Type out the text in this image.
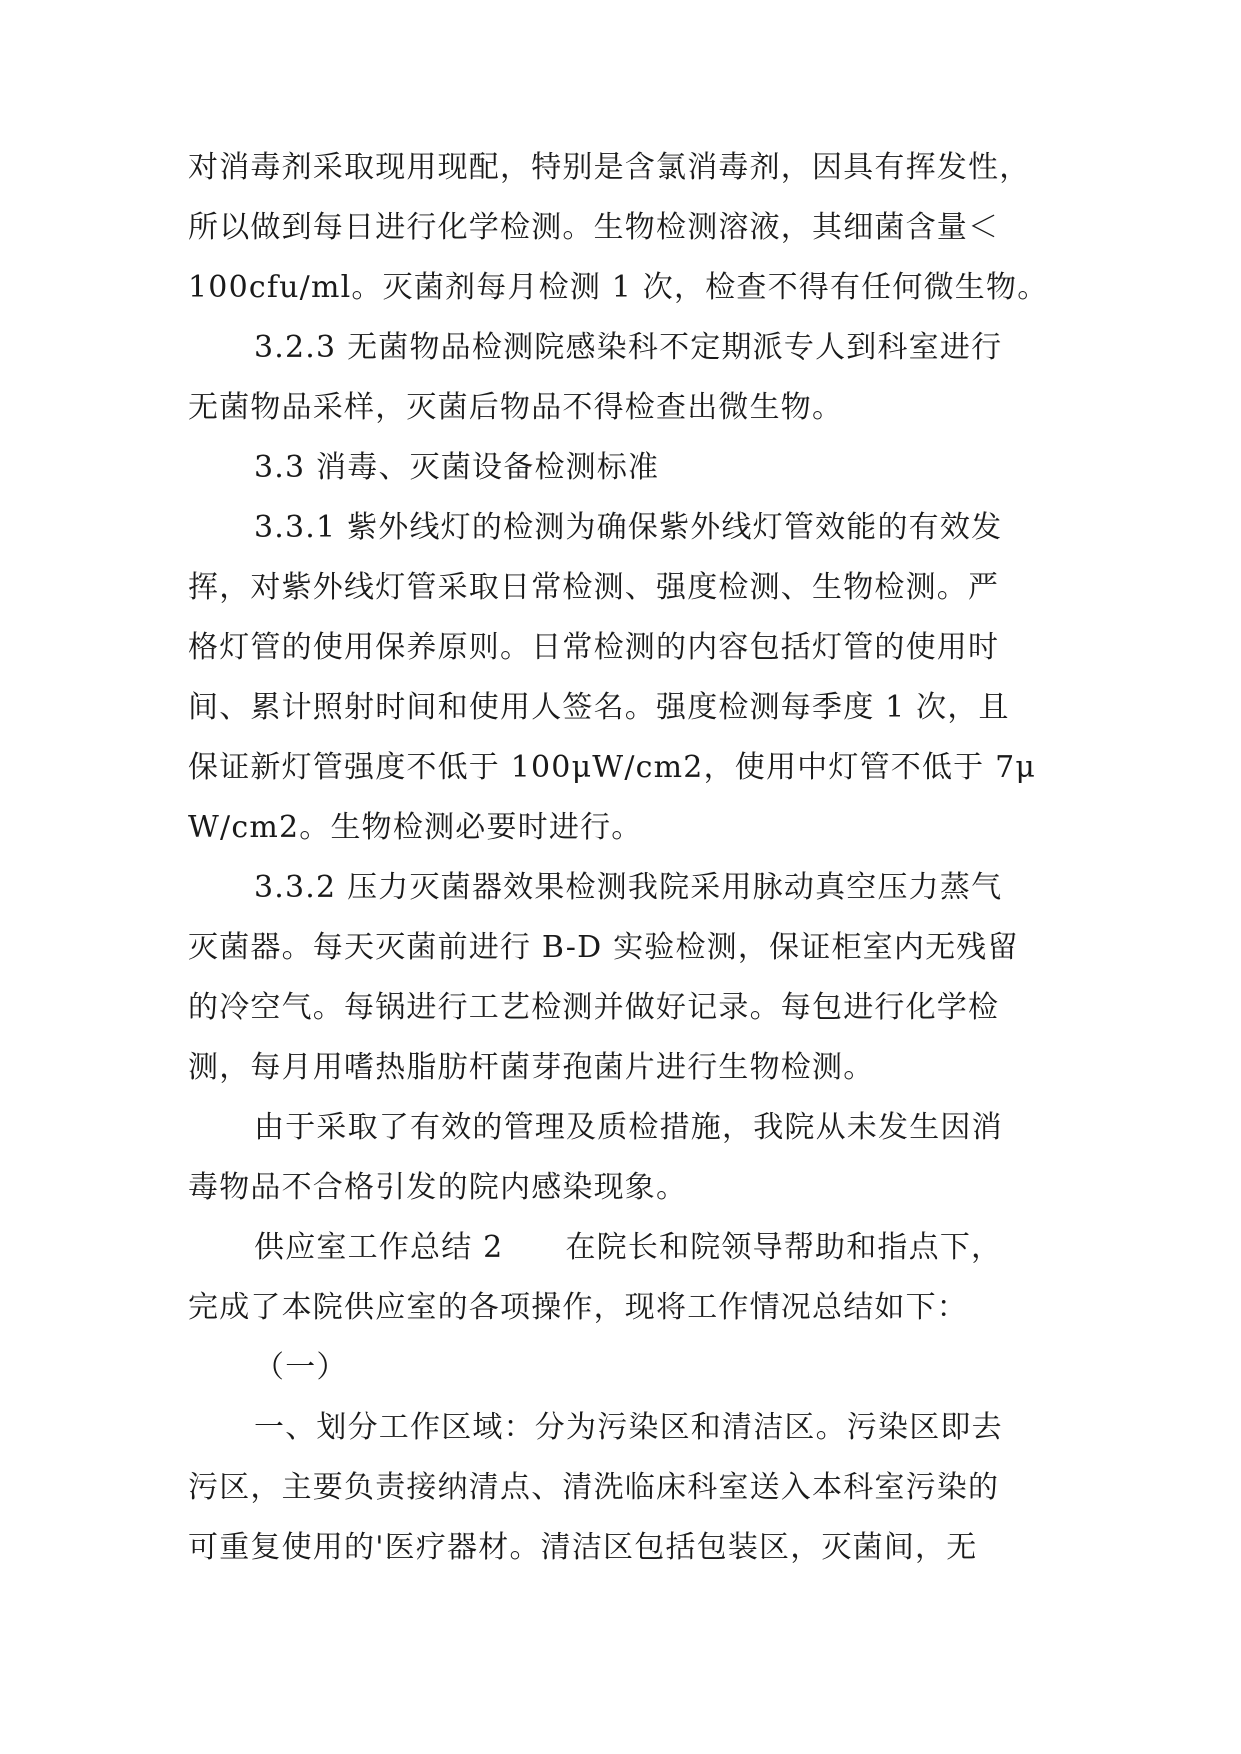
对消毒剂采取现用现配，特别是含氯消毒剂，因具有挥发性，
所以做到每日进行化学检测。生物检测溶液，其细菌含量＜
100cfu/ml。灭菌剂每月检测 1 次，检查不得有任何微生物。
3.2.3 无菌物品检测院感染科不定期派专人到科室进行
无菌物品采样，灭菌后物品不得检查出微生物。
3.3 消毒、灭菌设备检测标准
3.3.1 紫外线灯的检测为确保紫外线灯管效能的有效发
挥，对紫外线灯管采取日常检测、强度检测、生物检测。严
格灯管的使用保养原则。日常检测的内容包括灯管的使用时
间、累计照射时间和使用人签名。强度检测每季度 1 次，且
保证新灯管强度不低于 100μW/cm2，使用中灯管不低于 7μ
W/cm2。生物检测必要时进行。
3.3.2 压力灭菌器效果检测我院采用脉动真空压力蒸气
灭菌器。每天灭菌前进行 B-D 实验检测，保证柜室内无残留
的冷空气。每锅进行工艺检测并做好记录。每包进行化学检
测，每月用嗜热脂肪杆菌芽孢菌片进行生物检测。
由于采取了有效的管理及质检措施，我院从未发生因消
毒物品不合格引发的院内感染现象。
供应室工作总结 2 在院长和院领导帮助和指点下，
完成了本院供应室的各项操作，现将工作情况总结如下：
（一）
一、划分工作区域：分为污染区和清洁区。污染区即去
污区，主要负责接纳清点、清洗临床科室送入本科室污染的
可重复使用的'医疗器材。清洁区包括包装区，灭菌间，无
